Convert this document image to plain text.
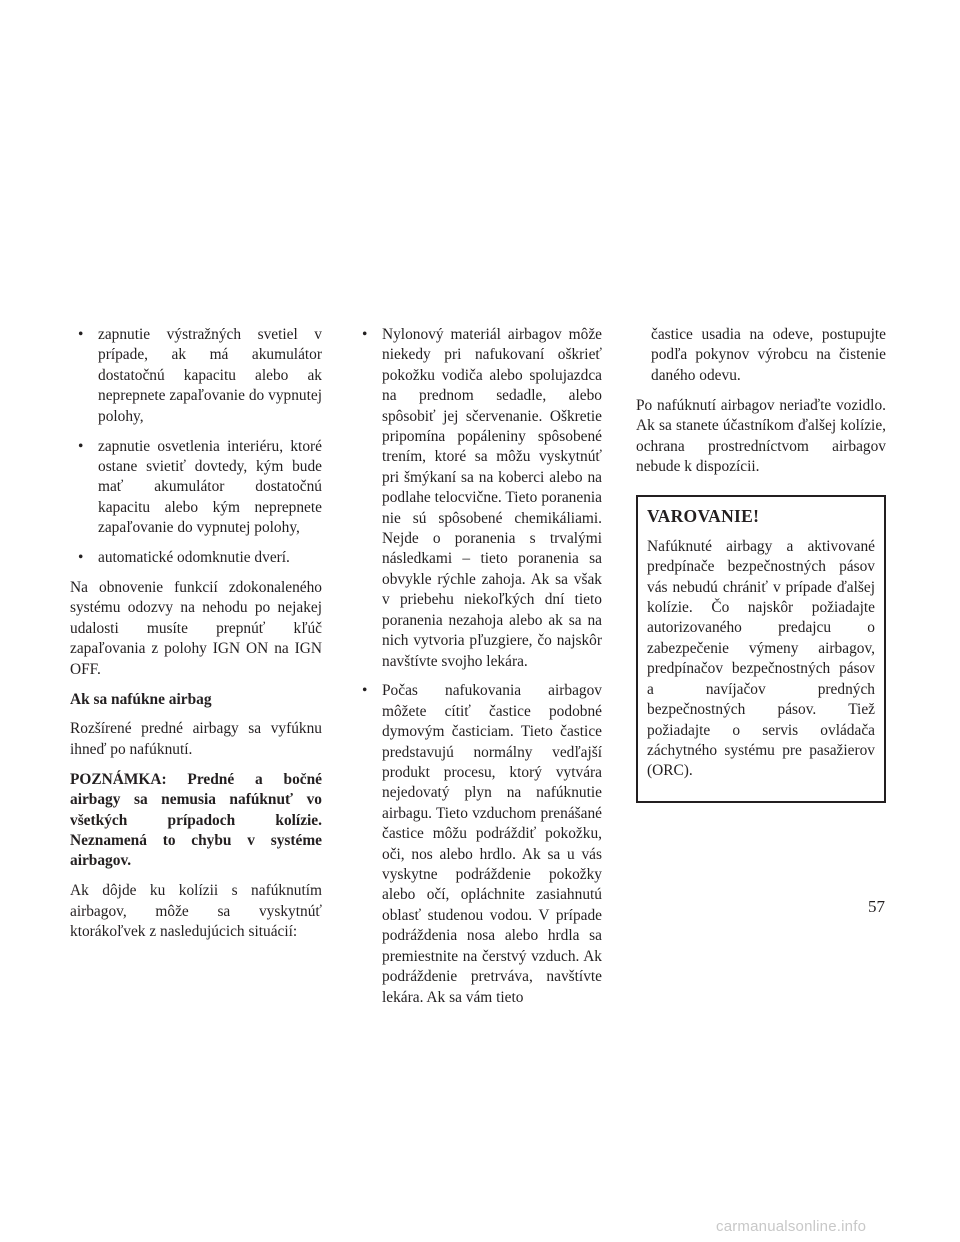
• zapnutie výstražných svetiel v prípade, ak má akumulátor dostatočnú kapacitu alebo ak neprepnete zapaľovanie do vypnutej polohy,
• zapnutie osvetlenia interiéru, ktoré ostane svietiť dovtedy, kým bude mať akumulátor dostatočnú kapacitu alebo kým neprepnete zapaľovanie do vypnutej polohy,
• automatické odomknutie dverí.

Na obnovenie funkcií zdokonaleného systému odozvy na nehodu po nejakej udalosti musíte prepnúť kľúč zapaľovania z polohy IGN ON na IGN OFF.

Ak sa nafúkne airbag

Rozšírené predné airbagy sa vyfúknu ihneď po nafúknutí.

POZNÁMKA: Predné a bočné airbagy sa nemusia nafúknuť vo všetkých prípadoch kolízie. Neznamená to chybu v systéme airbagov.

Ak dôjde ku kolízii s nafúknutím airbagov, môže sa vyskytnúť ktorákoľvek z nasledujúcich situácií:

• Nylonový materiál airbagov môže niekedy pri nafukovaní oškrieť pokožku vodiča alebo spolujazdca na prednom sedadle, alebo spôsobiť jej sčervenanie. Oškretie pripomína popáleniny spôsobené trením, ktoré sa môžu vyskytnúť pri šmýkaní sa na koberci alebo na podlahe telocvične. Tieto poranenia nie sú spôsobené chemikáliami. Nejde o poranenia s trvalými následkami – tieto poranenia sa obvykle rýchle zahoja. Ak sa však v priebehu niekoľkých dní tieto poranenia nezahoja alebo ak sa na nich vytvoria pľuzgiere, čo najskôr navštívte svojho lekára.
• Počas nafukovania airbagov môžete cítiť častice podobné dymovým časticiam. Tieto častice predstavujú normálny vedľajší produkt procesu, ktorý vytvára nejedovatý plyn na nafúknutie airbagu. Tieto vzduchom prenášané častice môžu podráždiť pokožku, oči, nos alebo hrdlo. Ak sa u vás vyskytne podráždenie pokožky alebo očí, opláchnite zasiahnutú oblasť studenou vodou. V prípade podráždenia nosa alebo hrdla sa premiestnite na čerstvý vzduch. Ak podráždenie pretrváva, navštívte lekára. Ak sa vám tieto
častice usadia na odeve, postupujte podľa pokynov výrobcu na čistenie daného odevu.

Po nafúknutí airbagov neriaďte vozidlo. Ak sa stanete účastníkom ďalšej kolízie, ochrana prostredníctvom airbagov nebude k dispozícii.

VAROVANIE!

Nafúknuté airbagy a aktivované predpínače bezpečnostných pásov vás nebudú chrániť v prípade ďalšej kolízie. Čo najskôr požiadajte autorizovaného predajcu o zabezpečenie výmeny airbagov, predpínačov bezpečnostných pásov a navíjačov predných bezpečnostných pásov. Tiež požiadajte o servis ovládača záchytného systému pre pasažierov (ORC).

57
carmanualsonline.info
